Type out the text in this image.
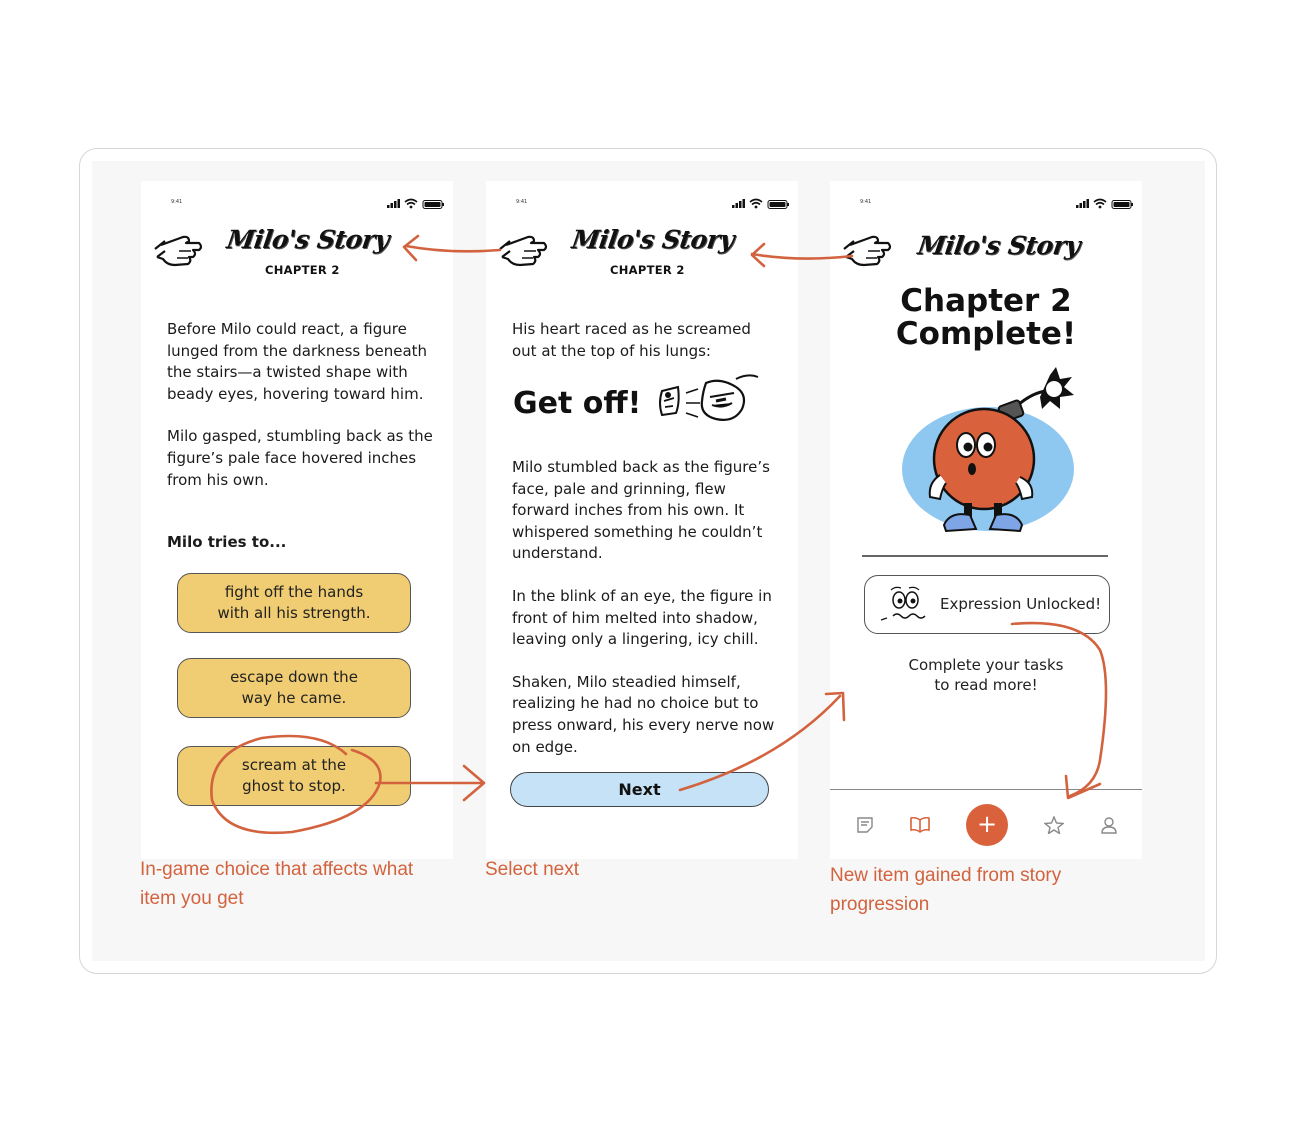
9:41
Milo's Story
CHAPTER 2

Before Milo could react, a figure lunged from the darkness beneath the stairs—a twisted shape with beady eyes, hovering toward him.

Milo gasped, stumbling back as the figure’s pale face hovered inches from his own.

Milo tries to...
fight off the hands
with all his strength.
escape down the
way he came.
scream at the
ghost to stop.
9:41
Milo's Story
CHAPTER 2
His heart raced as he screamed out at the top of his lungs:
Get off!

Milo stumbled back as the figure’s face, pale and grinning, flew forward inches from his own. It whispered something he couldn’t understand.

In the blink of an eye, the figure in front of him melted into shadow, leaving only a lingering, icy chill.

Shaken, Milo steadied himself, realizing he had no choice but to press onward, his every nerve now on edge.

Next
9:41
Milo's Story
Chapter 2
Complete!
Expression Unlocked!
Complete your tasks
to read more!
+
In-game choice that affects what
item you get
Select next	New item gained from story
progression
